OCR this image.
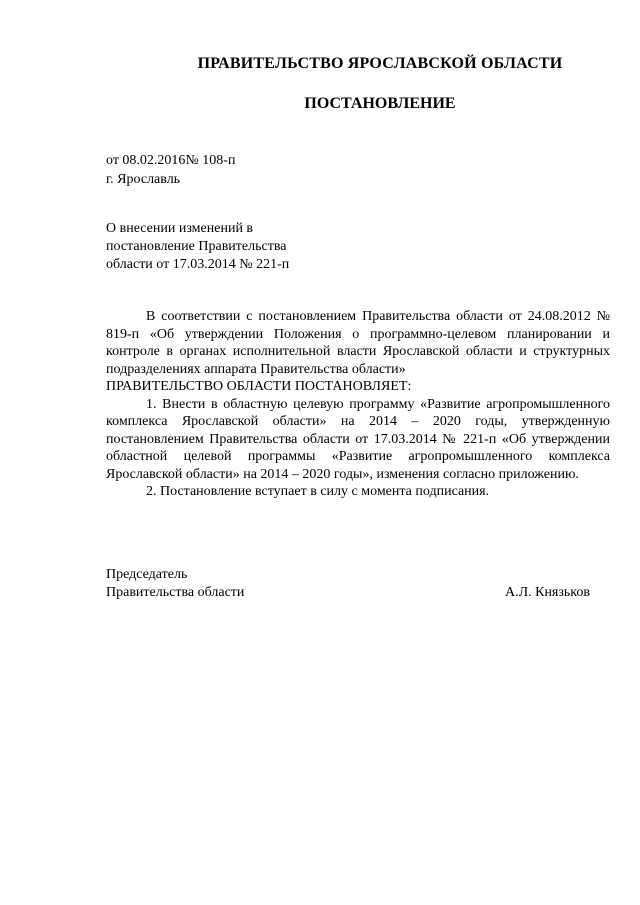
ПРАВИТЕЛЬСТВО ЯРОСЛАВСКОЙ ОБЛАСТИ
ПОСТАНОВЛЕНИЕ
от 08.02.2016№ 108-п
г. Ярославль
О внесении изменений в
постановление Правительства
области от 17.03.2014 № 221-п

В соответствии с постановлением Правительства области от 24.08.2012 № 819-п «Об утверждении Положения о программно-целевом планировании и контроле в органах исполнительной власти Ярославской области и структурных подразделениях аппарата Правительства области»

ПРАВИТЕЛЬСТВО ОБЛАСТИ ПОСТАНОВЛЯЕТ:

1. Внести в областную целевую программу «Развитие агропромышленного комплекса Ярославской области» на 2014 – 2020 годы, утвержденную постановлением Правительства области от 17.03.2014 № 221-п «Об утверждении областной целевой программы «Развитие агропромышленного комплекса Ярославской области» на 2014 – 2020 годы», изменения согласно приложению.

2. Постановление вступает в силу с момента подписания.

Председатель
Правительства области	А.Л. Князьков
